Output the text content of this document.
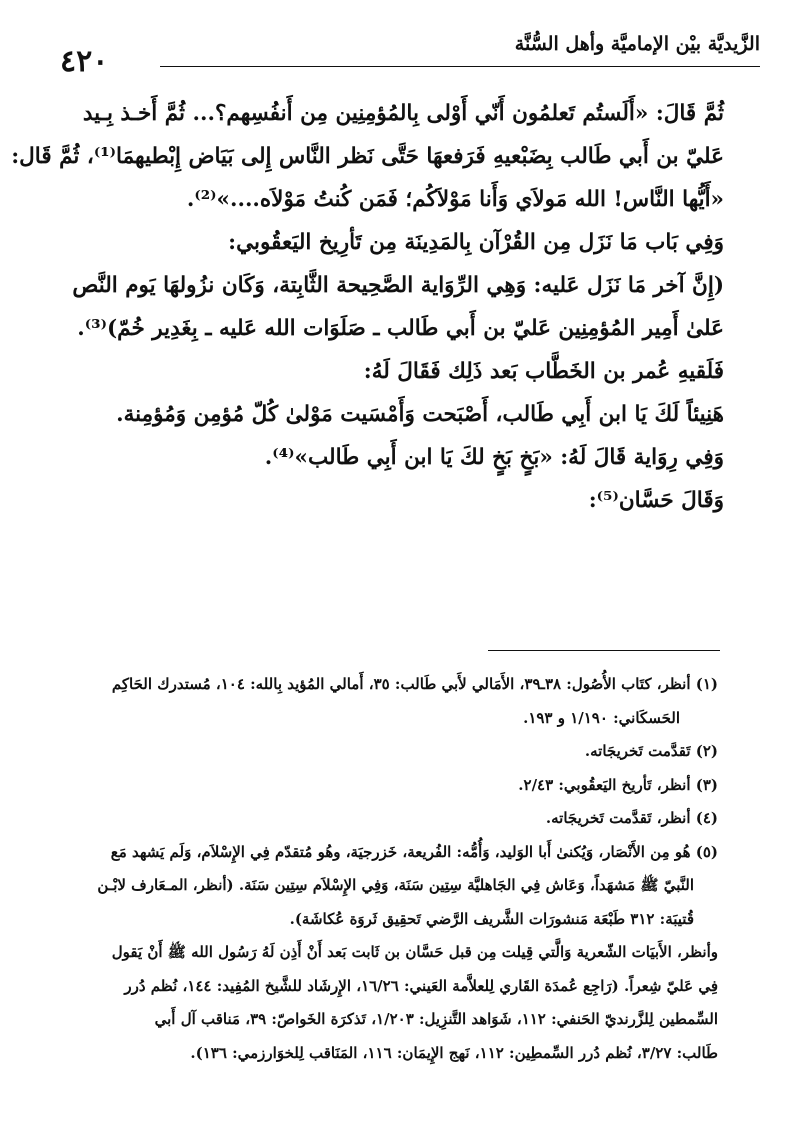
الزَّيديَّة بيْن الإماميَّة وأهل السُّنَّة
٤٢٠
ثُمَّ قَالَ: «أَلَستُم تَعلمُون أَنّي أَوْلى بِالمُؤمِنِين مِن أَنفُسِهم؟... ثُمَّ أَخـذ بِـيد
عَليّ بن أَبي طَالب بِضَبْعيهِ فَرَفعهَا حَتَّى نَظر النَّاس إِلى بَيَاض إِبْطيهمَا⁽¹⁾، ثُمَّ قَال:
«أَيُّها النَّاس! الله مَولاَي وَأَنا مَوْلاَكُم؛ فَمَن كُنتُ مَوْلاَه....»⁽²⁾.
وَفِي بَاب مَا نَزَل مِن القُرْآن بِالمَدِينَة مِن تَأرِيخ اليَعقُوبي:
(إِنَّ آخر مَا نَزَل عَليه: وَهِي الرِّوَاية الصَّحِيحة الثَّابِتة، وَكَان نزُولهَا يَوم النَّص
عَلىٰ أَمِير المُؤمِنِين عَليّ بن أَبي طَالب ـ صَلَوَات الله عَليه ـ بِغَدِير خُمّ)⁽³⁾.
فَلَقيهِ عُمر بن الخَطَّاب بَعد ذَلِك فَقَالَ لَهُ:
هَنِيئاً لَكَ يَا ابن أَبِي طَالب، أَصْبَحت وَأَمْسَيت مَوْلىٰ كُلّ مُؤمِن وَمُؤمِنة.
وَفِي رِوَاية قَالَ لَهُ: «بَخٍ بَخٍ لكَ يَا ابن أَبِي طَالب»⁽⁴⁾.
وَقَالَ حَسَّان⁽⁵⁾:
(١) أنظر، كتَاب الأُصُول: ٣٨ـ٣٩، الأَمَالي لأَبي طَالب: ٣٥، أَمالي المُؤيد بِالله: ١٠٤، مُستدرك الحَاكِم
الحَسكَاني: ١/١٩٠ و ١٩٣.
(٢) تَقدَّمت تَخريجَاته.
(٣) أنظر، تَأريخ اليَعقُوبي: ٢/٤٣.
(٤) أنظر، تَقدَّمت تَخريجَاته.
(٥) هُو مِن الأَنْصَار، وَيُكنىٰ أَبا الوَليد، وَأُمُّه: الفُريعة، خَزرجيَة، وهُو مُتقدّم فِي الإِسْلاَم، وَلَم يَشهد مَع
النَّبيّ ﷺ مَشهَداً، وَعَاش فِي الجَاهليَّة سِتِين سَنَة، وَفِي الإِسْلاَم سِتِين سَنَة. (أنظر، المـعَارف لابْـن
قُتيبَة: ٣١٢ طَبْعَة مَنشورَات الشَّريف الرَّضي تَحقِيق ثَروَة عُكاشَة).
وأنظر، الأَبيَات الشّعرية وَالَّتي قِيلت مِن قبل حَسَّان بن ثَابت بَعد أَنْ أَذِن لَهُ رَسُول الله ﷺ أَنْ يَقول
فِي عَليّ شِعراً. (رَاجِع عُمدَة القَاري لِلعلاَّمة العَيني: ١٦/٢٦، الإِرشَاد للشَّيخ المُفِيد: ١٤٤، نُظم دُرر
السِّمطين لِلزَّرنديّ الحَنفي: ١١٢، شَوَاهد التَّنزِيل: ١/٢٠٣، تَذكرَة الخَواصّ: ٣٩، مَناقب آل أَبي
طَالب: ٣/٢٧، نُظم دُرر السِّمطِين: ١١٢، نَهج الإِيمَان: ١١٦، المَنَاقب لِلخوَارزمي: ١٣٦).
